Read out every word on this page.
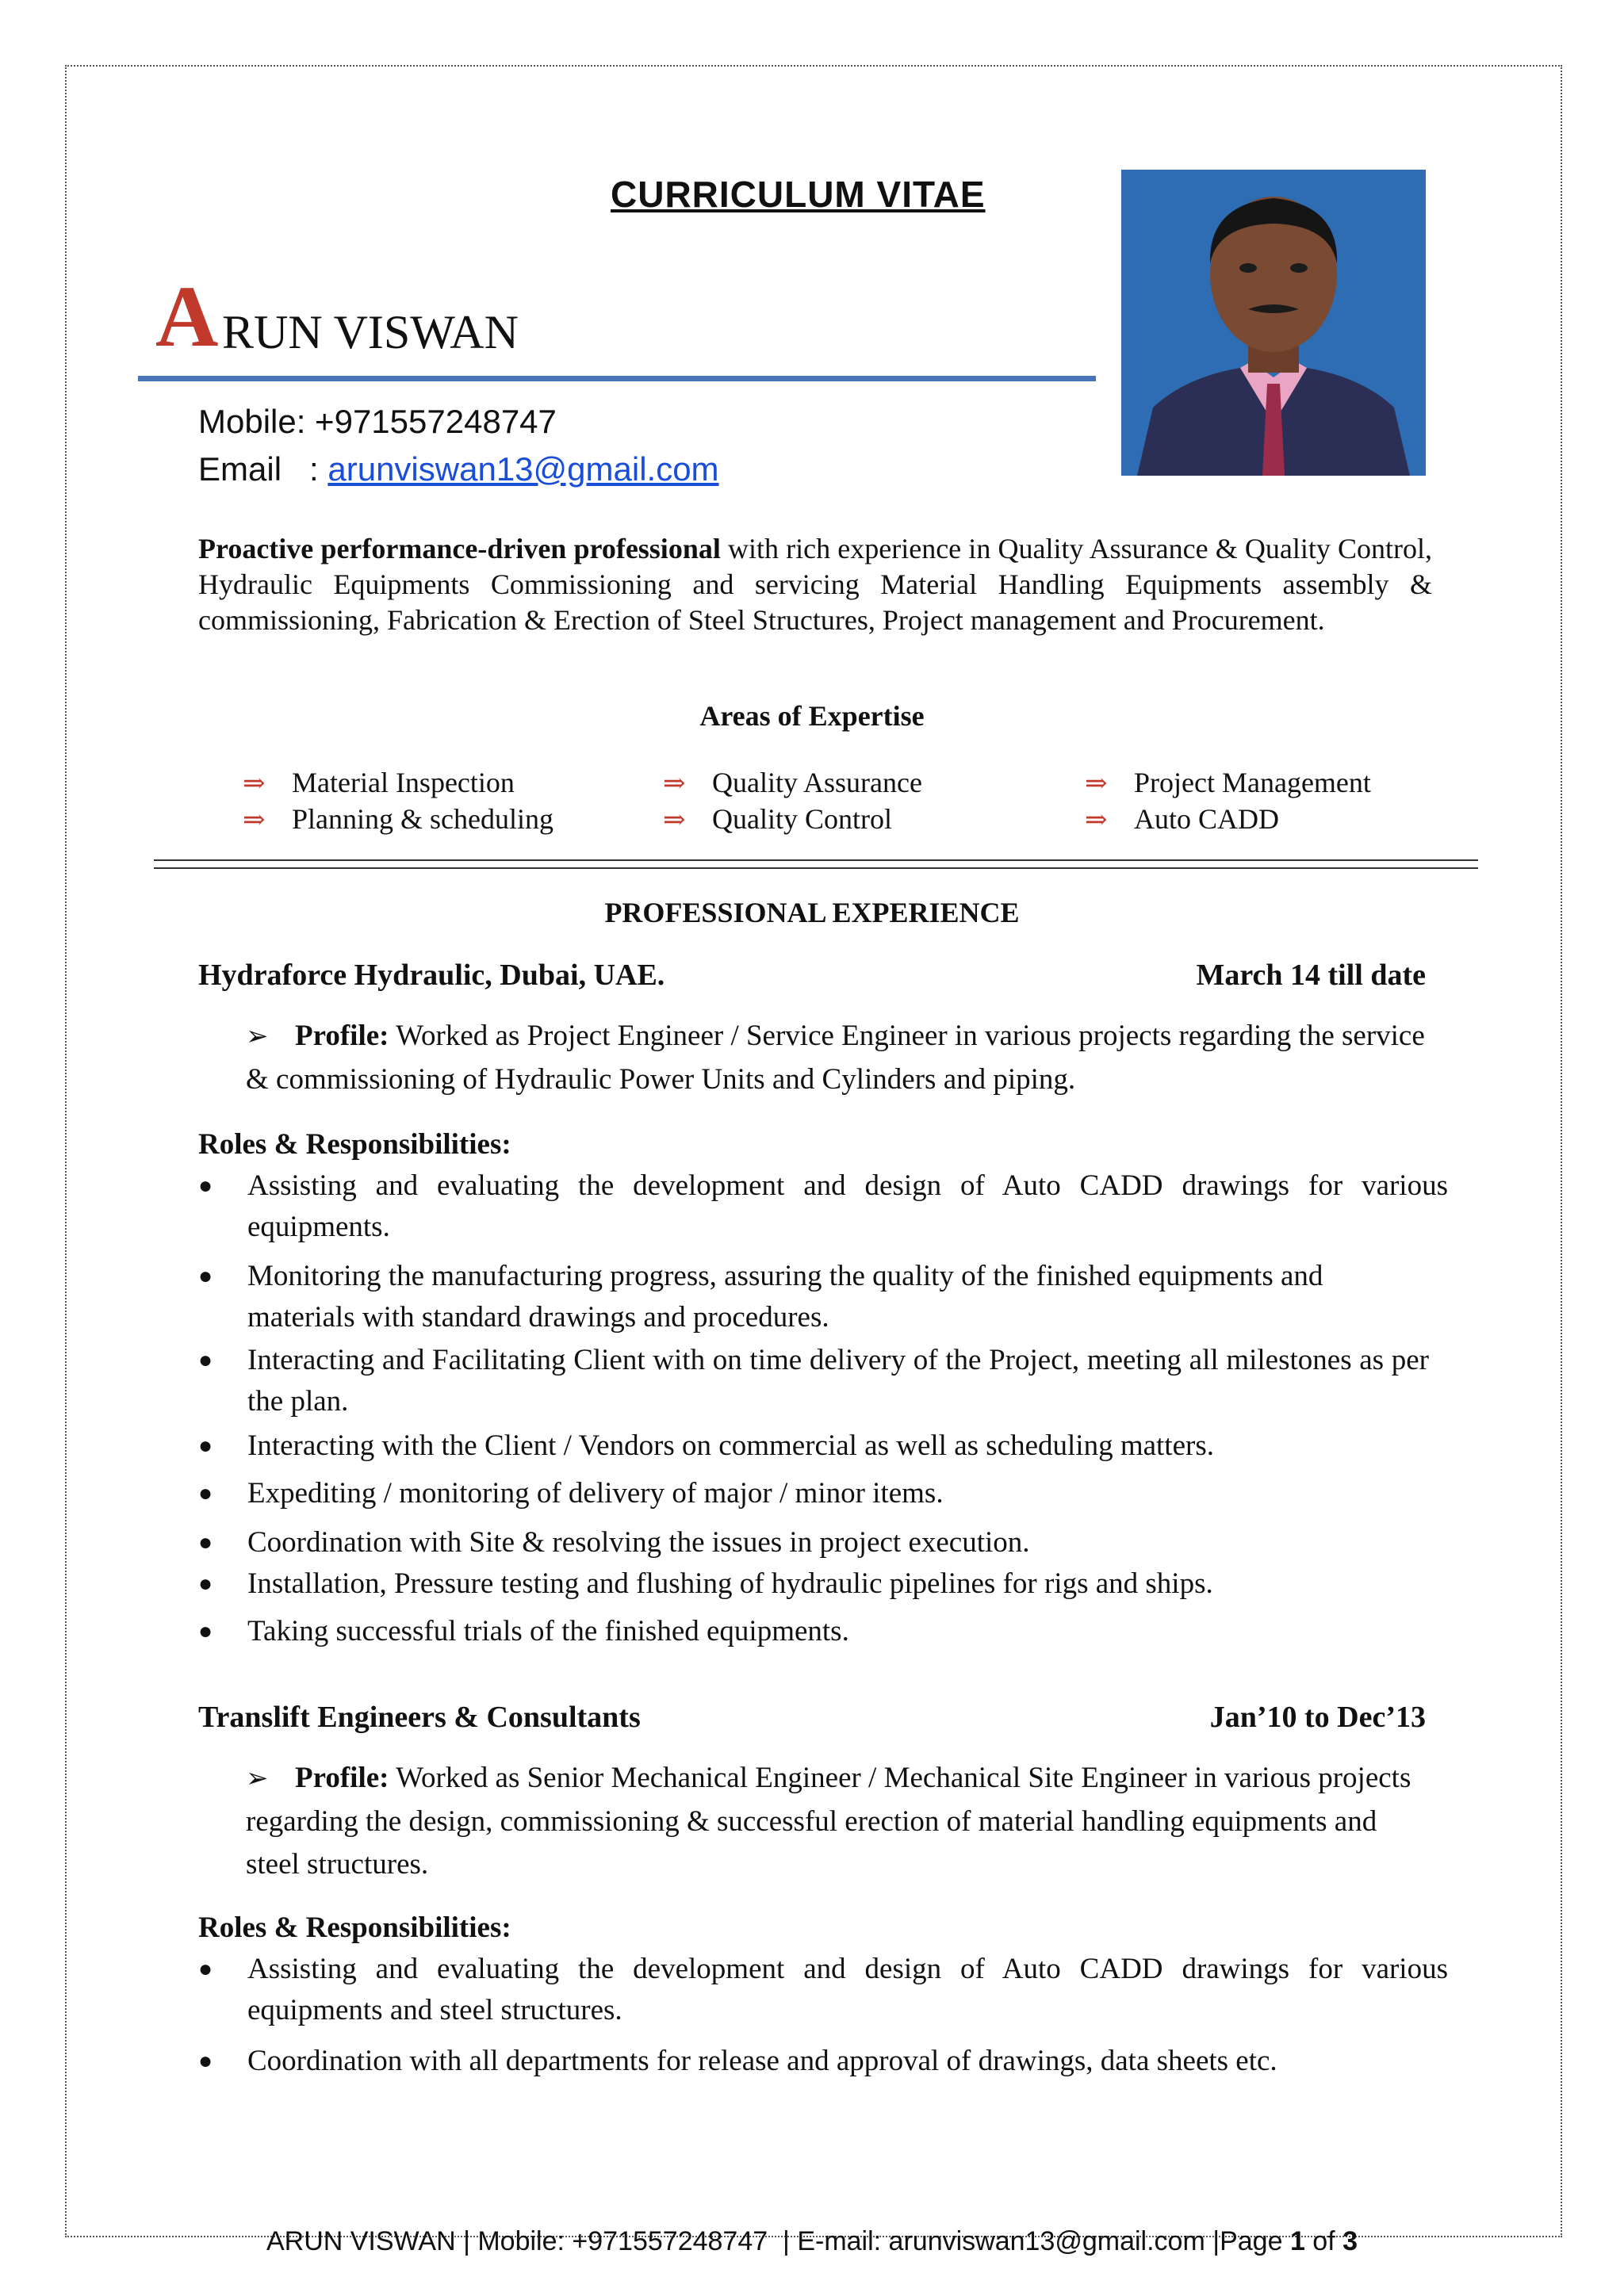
CURRICULUM VITAE
A RUN VISWAN
Mobile: +971557248747
Email   : arunviswan13@gmail.com
Proactive performance-driven professional with rich experience in Quality Assurance & Quality Control, Hydraulic Equipments Commissioning and servicing Material Handling Equipments assembly & commissioning, Fabrication & Erection of Steel Structures, Project management and Procurement.
Areas of Expertise
⇒ Material Inspection	⇒ Quality Assurance	⇒ Project Management
⇒ Planning & scheduling	⇒ Quality Control	⇒ Auto CADD
PROFESSIONAL EXPERIENCE
Hydraforce Hydraulic, Dubai, UAE.	March 14 till date
➢ Profile: Worked as Project Engineer / Service Engineer in various projects regarding the service & commissioning of Hydraulic Power Units and Cylinders and piping.
Roles & Responsibilities:
● Assisting and evaluating the development and design of Auto CADD drawings for various equipments.
● Monitoring the manufacturing progress, assuring the quality of the finished equipments and materials with standard drawings and procedures.
● Interacting and Facilitating Client with on time delivery of the Project, meeting all milestones as per the plan.
● Interacting with the Client / Vendors on commercial as well as scheduling matters.
● Expediting / monitoring of delivery of major / minor items.
● Coordination with Site & resolving the issues in project execution.
● Installation, Pressure testing and flushing of hydraulic pipelines for rigs and ships.
● Taking successful trials of the finished equipments.
Translift Engineers & Consultants	Jan’10 to Dec’13
➢ Profile: Worked as Senior Mechanical Engineer / Mechanical Site Engineer in various projects regarding the design, commissioning & successful erection of material handling equipments and steel structures.
Roles & Responsibilities:
● Assisting and evaluating the development and design of Auto CADD drawings for various equipments and steel structures.
● Coordination with all departments for release and approval of drawings, data sheets etc.
ARUN VISWAN | Mobile: +971557248747  | E-mail: arunviswan13@gmail.com |Page 1 of 3
